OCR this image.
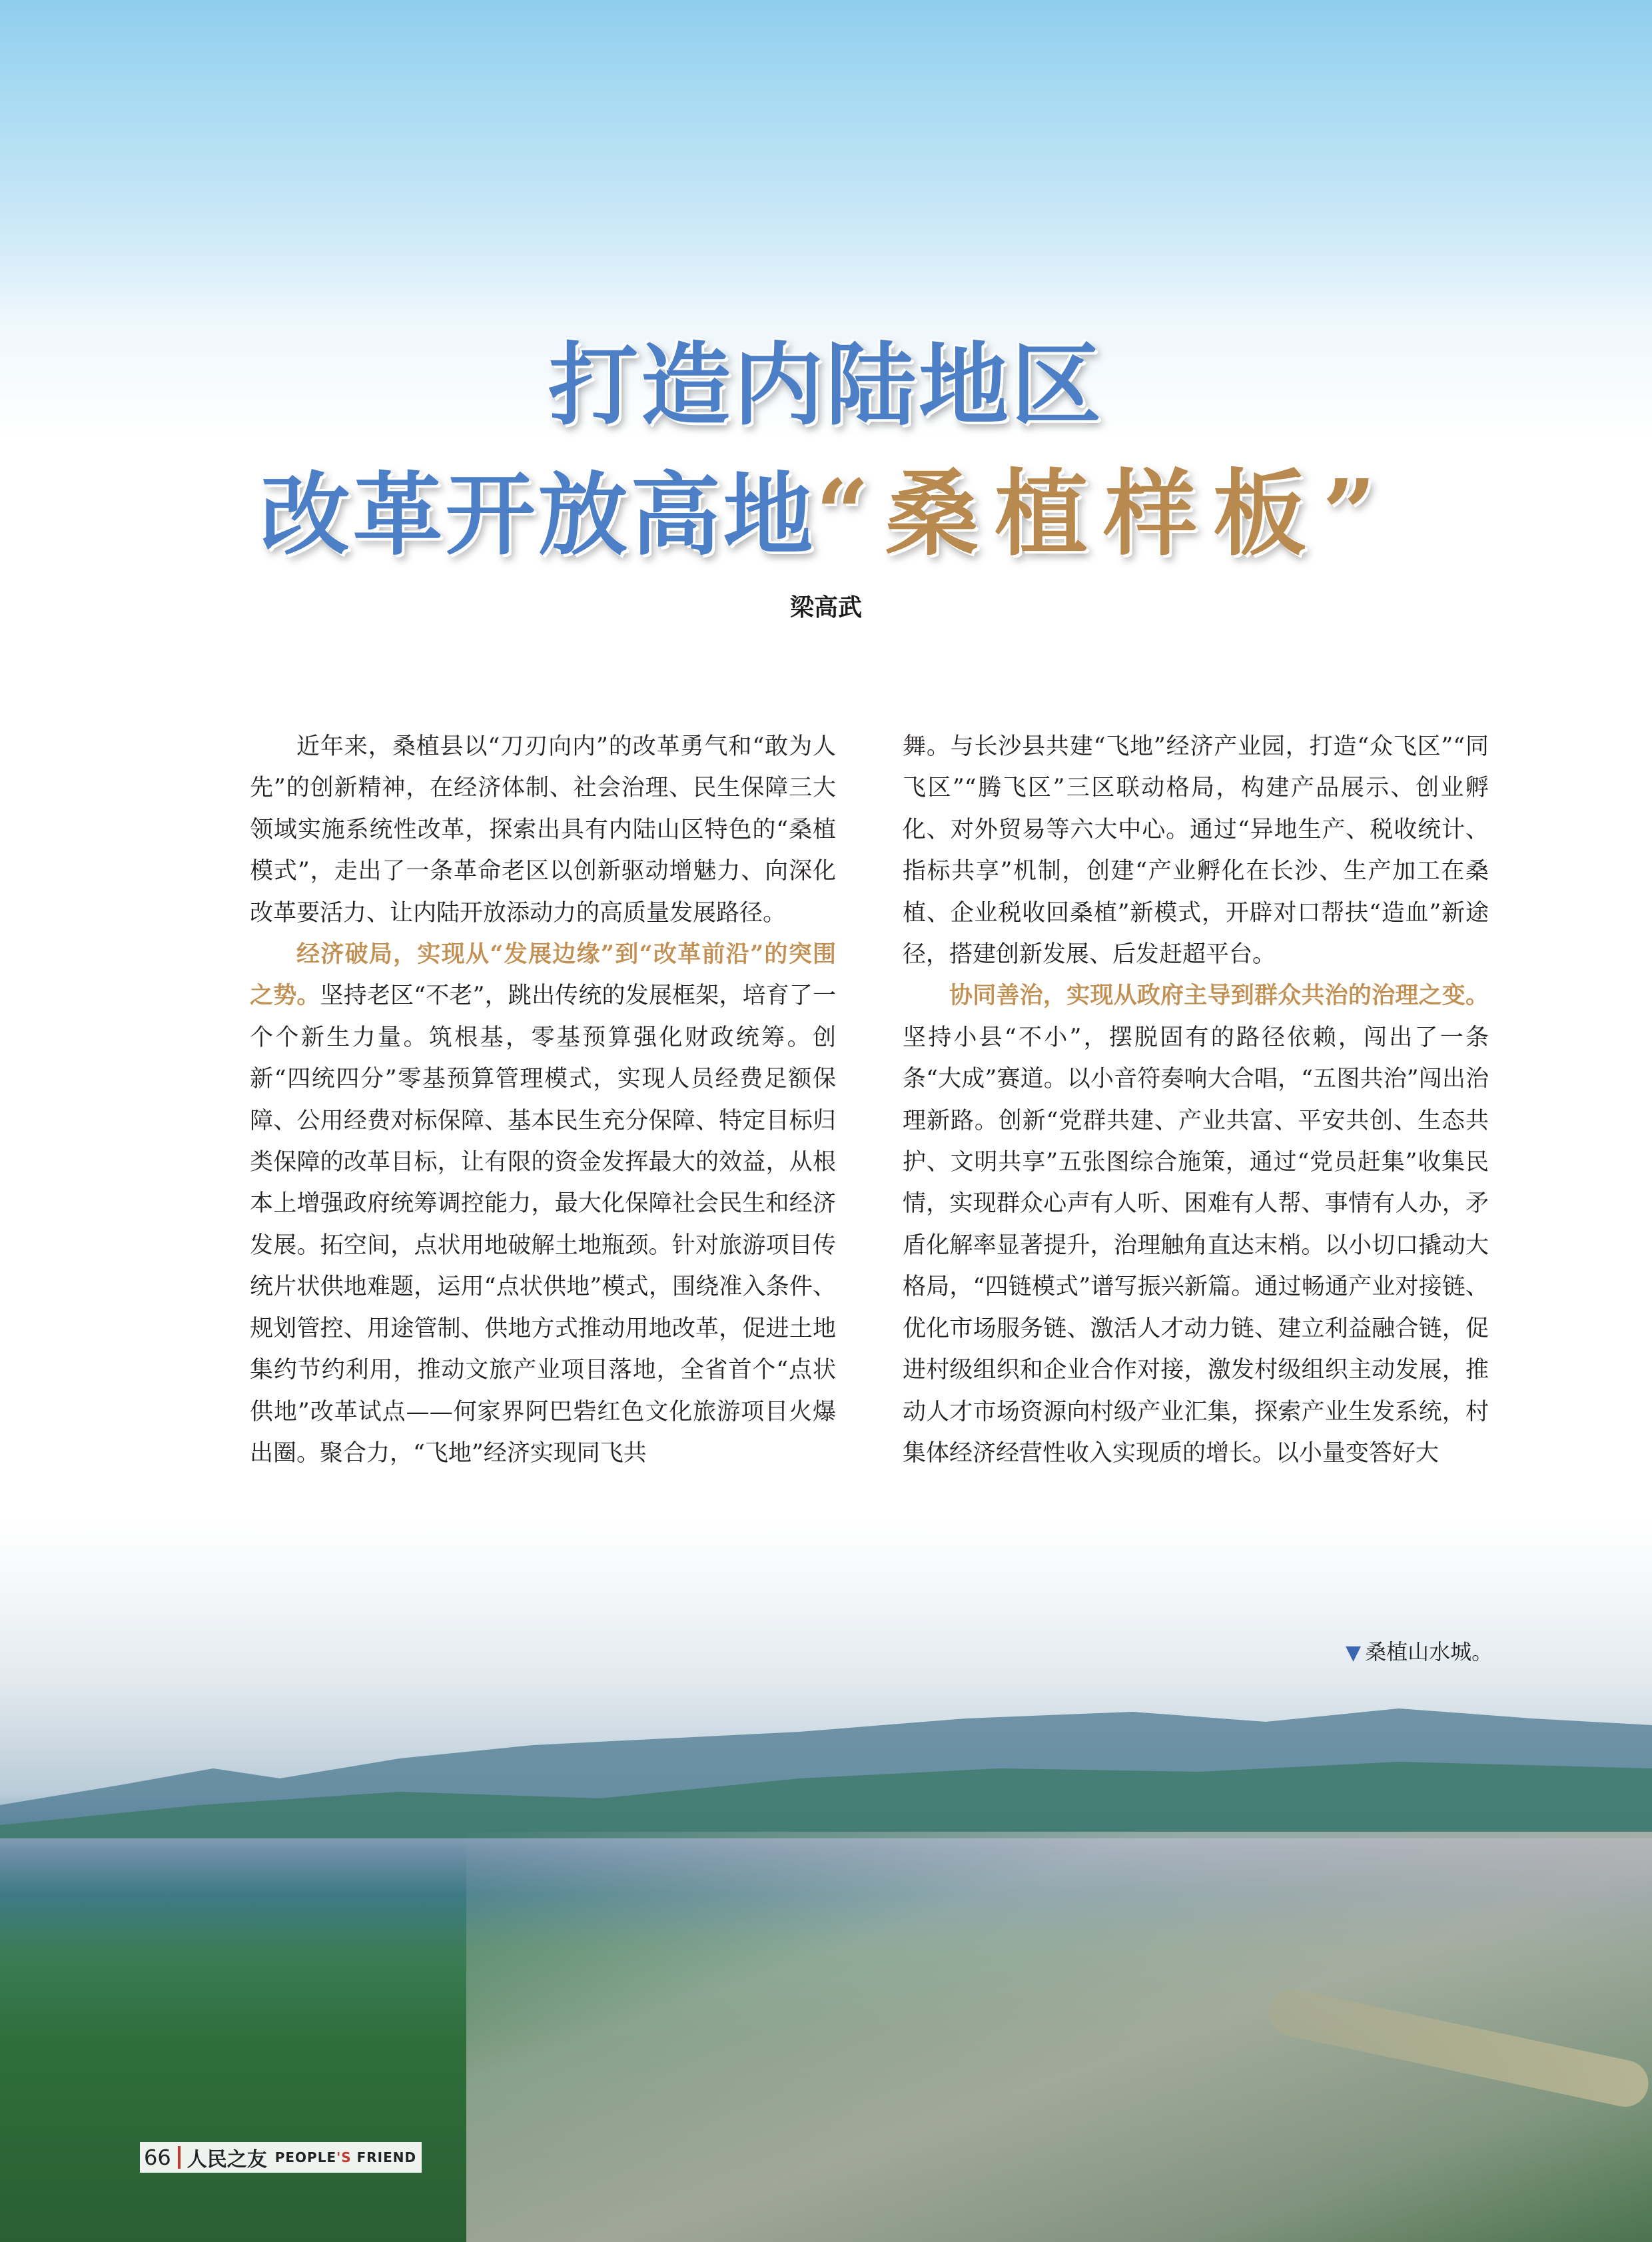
打造内陆地区
改革开放高地“桑植样板”
梁高武

近年来，桑植县以“刀刃向内”的改革勇气和“敢为人先”的创新精神，在经济体制、社会治理、民生保障三大领域实施系统性改革，探索出具有内陆山区特色的“桑植模式”，走出了一条革命老区以创新驱动增魅力、向深化改革要活力、让内陆开放添动力的高质量发展路径。

经济破局，实现从“发展边缘”到“改革前沿”的突围之势。坚持老区“不老”，跳出传统的发展框架，培育了一个个新生力量。筑根基，零基预算强化财政统筹。创新“四统四分”零基预算管理模式，实现人员经费足额保障、公用经费对标保障、基本民生充分保障、特定目标归类保障的改革目标，让有限的资金发挥最大的效益，从根本上增强政府统筹调控能力，最大化保障社会民生和经济发展。拓空间，点状用地破解土地瓶颈。针对旅游项目传统片状供地难题，运用“点状供地”模式，围绕准入条件、规划管控、用途管制、供地方式推动用地改革，促进土地集约节约利用，推动文旅产业项目落地，全省首个“点状供地”改革试点——何家界阿巴砦红色文化旅游项目火爆出圈。聚合力，“飞地”经济实现同飞共

舞。与长沙县共建“飞地”经济产业园，打造“众飞区”“同飞区”“腾飞区”三区联动格局，构建产品展示、创业孵化、对外贸易等六大中心。通过“异地生产、税收统计、指标共享”机制，创建“产业孵化在长沙、生产加工在桑植、企业税收回桑植”新模式，开辟对口帮扶“造血”新途径，搭建创新发展、后发赶超平台。

协同善治，实现从政府主导到群众共治的治理之变。坚持小县“不小”，摆脱固有的路径依赖，闯出了一条条“大成”赛道。以小音符奏响大合唱，“五图共治”闯出治理新路。创新“党群共建、产业共富、平安共创、生态共护、文明共享”五张图综合施策，通过“党员赶集”收集民情，实现群众心声有人听、困难有人帮、事情有人办，矛盾化解率显著提升，治理触角直达末梢。以小切口撬动大格局，“四链模式”谱写振兴新篇。通过畅通产业对接链、优化市场服务链、激活人才动力链、建立利益融合链，促进村级组织和企业合作对接，激发村级组织主动发展，推动人才市场资源向村级产业汇集，探索产业生发系统，村集体经济经营性收入实现质的增长。以小量变答好大

▼ 桑植山水城。
66 人民之友 PEOPLE'S FRIEND
